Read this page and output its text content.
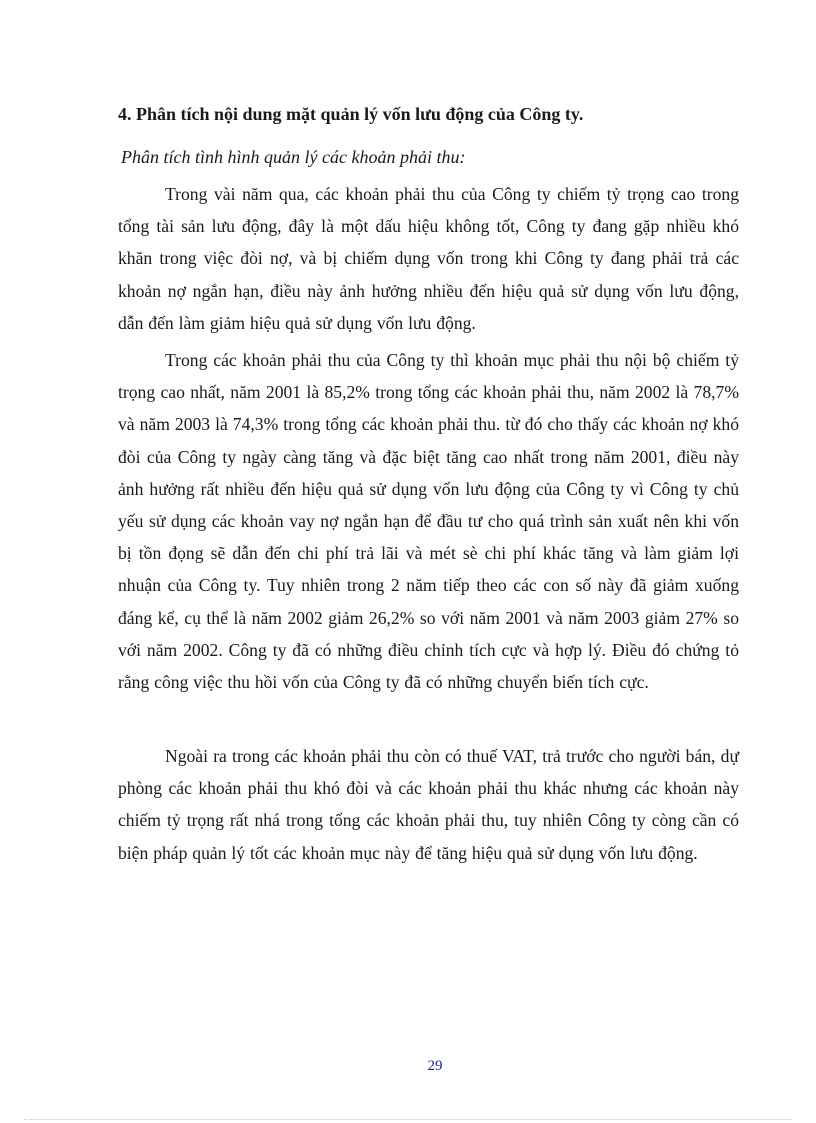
4. Phân tích nội dung mặt quản lý vốn lưu động của Công ty.

Phân tích tình hình quản lý các khoản phải thu:

Trong vài năm qua, các khoản phải thu của Công ty chiếm tỷ trọng cao trong tổng tài sản lưu động, đây là một dấu hiệu không tốt, Công ty đang gặp nhiều khó khăn trong việc đòi nợ, và bị chiếm dụng vốn trong khi Công ty đang phải trả các khoản nợ ngắn hạn, điều này ảnh hưởng nhiều đến hiệu quả sử dụng vốn lưu động, dẫn đến làm giảm hiệu quả sử dụng vốn lưu động.

Trong các khoản phải thu của Công ty thì khoản mục phải thu nội bộ chiếm tỷ trọng cao nhất, năm 2001 là 85,2% trong tổng các khoản phải thu, năm 2002 là 78,7% và năm 2003 là 74,3% trong tổng các khoản phải thu. từ đó cho thấy các khoản nợ khó đòi của Công ty ngày càng tăng và đặc biệt tăng cao nhất trong năm 2001, điều này ảnh hưởng rất nhiều đến hiệu quả sử dụng vốn lưu động của Công ty vì Công ty chủ yếu sử dụng các khoản vay nợ ngắn hạn để đầu tư cho quá trình sản xuất nên khi vốn bị tồn đọng sẽ dẫn đến chi phí trả lãi và mét sè chi phí khác tăng và làm giảm lợi nhuận của Công ty. Tuy nhiên trong 2 năm tiếp theo các con số này đã giảm xuống đáng kể, cụ thể là năm 2002 giảm 26,2% so với năm 2001 và năm 2003 giảm 27% so với năm 2002. Công ty đã có những điều chỉnh tích cực và hợp lý. Điều đó chứng tỏ rằng công việc thu hồi vốn của Công ty đã có những chuyển biến tích cực.

Ngoài ra trong các khoản phải thu còn có thuế VAT, trả trước cho người bán, dự phòng các khoản phải thu khó đòi và các khoản phải thu khác nhưng các khoản này chiếm tỷ trọng rất nhá trong tổng các khoản phải thu, tuy nhiên Công ty còng cần có biện pháp quản lý tốt các khoản mục này để tăng hiệu quả sử dụng vốn lưu động.

29
